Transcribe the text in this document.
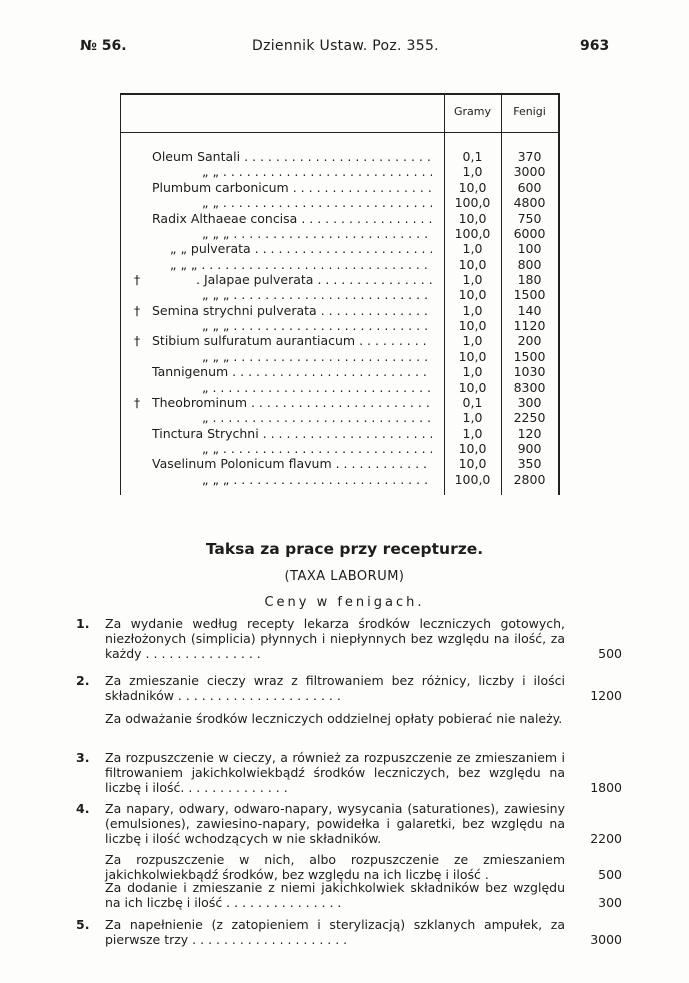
№ 56.	Dziennik Ustaw. Poz. 355.	963
Gramy	Fenigi
Oleum Santali . . .	0,1	370
„ „ . . .	1,0	3000
Plumbum carbonicum . . .	10,0	600
„ „ . . .	100,0	4800
Radix Althaeae concisa . . .	10,0	750
„ „ „ . . .	100,0	6000
„ „ pulverata . . .	1,0	100
„ „ „ . . .	10,0	800
†	. Jalapae pulverata . . .	1,0	180
„ „ „ . . .	10,0	1500
† Semina strychni pulverata . . .	1,0	140
„ „ „ . . .	10,0	1120
† Stibium sulfuratum aurantiacum . . .	1,0	200
„ „ „ . . .	10,0	1500
Tannigenum . . .	1,0	1030
„ . . .	10,0	8300
† Theobrominum . . .	0,1	300
„ . . .	1,0	2250
Tinctura Strychni . . .	1,0	120
„ „ . . .	10,0	900
Vaselinum Polonicum flavum . . .	10,0	350
„ „ „ . . .	100,0	2800
Taksa za prace przy recepturze.
(TAXA LABORUM)
Ceny w fenigach.
1. Za wydanie według recepty lekarza środków leczniczych gotowych, niezłożonych (simplicia) płynnych i niepłynnych bez względu na ilość, za każdy . . . . . . . . . . . . . . .	500
2. Za zmieszanie cieczy wraz z filtrowaniem bez różnicy, liczby i ilości składników . . . . . . . . . . . . . . . . . . . . .	1200
Za odważanie środków leczniczych oddzielnej opłaty pobierać nie należy.
3. Za rozpuszczenie w cieczy, a również za rozpuszczenie ze zmieszaniem i filtrowaniem jakichkolwiekbądź środków leczniczych, bez względu na liczbę i ilość. . . . . . . . . . . . . .	1800
4. Za napary, odwary, odwaro-napary, wysycania (saturationes), zawiesiny (emulsiones), zawiesino-napary, powidełka i galaretki, bez względu na liczbę i ilość wchodzących w nie składników.	2200
Za rozpuszczenie w nich, albo rozpuszczenie ze zmieszaniem jakichkolwiekbądź środków, bez względu na ich liczbę i ilość .	500
Za dodanie i zmieszanie z niemi jakichkolwiek składników bez względu na ich liczbę i ilość . . . . . . . . . . . . . . .	300
5. Za napełnienie (z zatopieniem i sterylizacją) szklanych ampułek, za pierwsze trzy . . . . . . . . . . . . . . . . . . . .	3000
